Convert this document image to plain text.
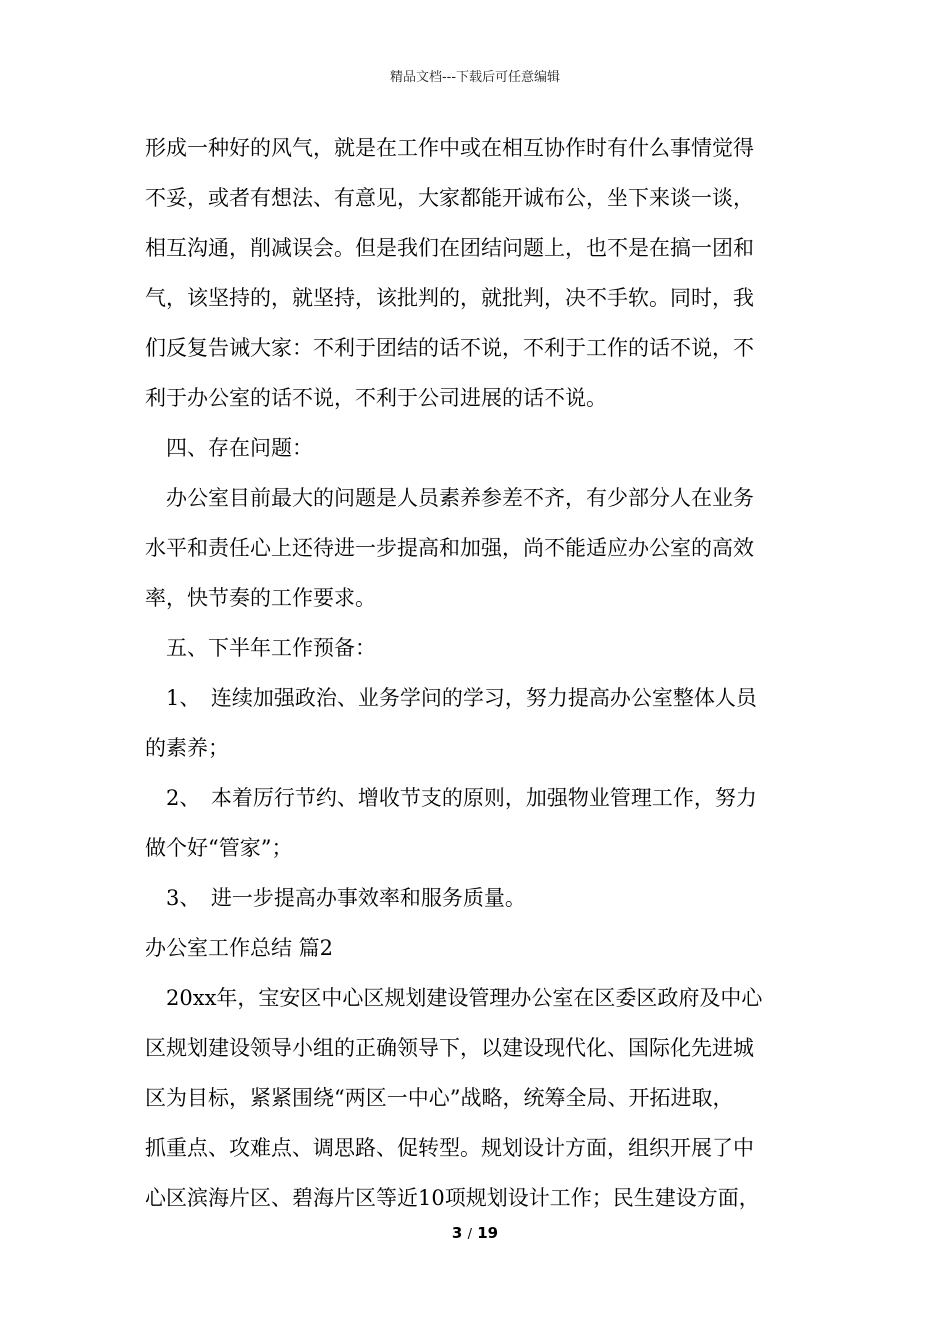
精品文档---下载后可任意编辑
形成一种好的风气，就是在工作中或在相互协作时有什么事情觉得
不妥，或者有想法、有意见，大家都能开诚布公，坐下来谈一谈，
相互沟通，削减误会。但是我们在团结问题上，也不是在搞一团和
气，该坚持的，就坚持，该批判的，就批判，决不手软。同时，我
们反复告诫大家：不利于团结的话不说，不利于工作的话不说，不
利于办公室的话不说，不利于公司进展的话不说。
　四、存在问题：
　办公室目前最大的问题是人员素养参差不齐，有少部分人在业务
水平和责任心上还待进一步提高和加强，尚不能适应办公室的高效
率，快节奏的工作要求。
　五、下半年工作预备：
　1、　连续加强政治、业务学问的学习，努力提高办公室整体人员
的素养；
　2、　本着厉行节约、增收节支的原则，加强物业管理工作，努力
做个好“管家”；
　3、　进一步提高办事效率和服务质量。
办公室工作总结 篇2
　20xx年，宝安区中心区规划建设管理办公室在区委区政府及中心
区规划建设领导小组的正确领导下，以建设现代化、国际化先进城
区为目标，紧紧围绕“两区一中心”战略，统筹全局、开拓进取，
抓重点、攻难点、调思路、促转型。规划设计方面，组织开展了中
心区滨海片区、碧海片区等近10项规划设计工作；民生建设方面，
3 / 19
